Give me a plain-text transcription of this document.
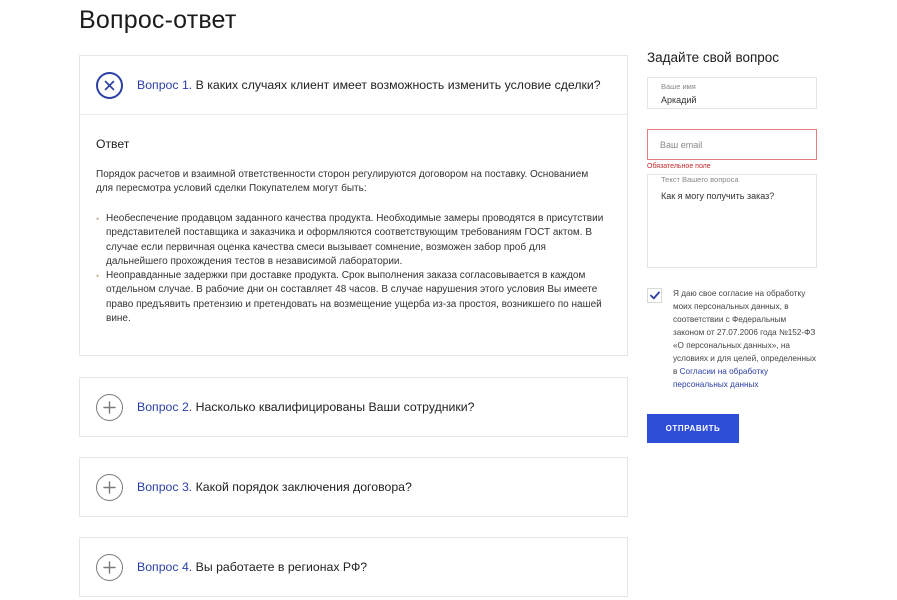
Вопрос-ответ
Вопрос 1. В каких случаях клиент имеет возможность изменить условие сделки?
Ответ

Порядок расчетов и взаимной ответственности сторон регулируются договором на поставку. Основанием для пересмотра условий сделки Покупателем могут быть:

• Необеспечение продавцом заданного качества продукта. Необходимые замеры проводятся в присутствии представителей поставщика и заказчика и оформляются соответствующим требованиям ГОСТ актом. В случае если первичная оценка качества смеси вызывает сомнение, возможен забор проб для дальнейшего прохождения тестов в независимой лаборатории.
• Неоправданные задержки при доставке продукта. Срок выполнения заказа согласовывается в каждом отдельном случае. В рабочие дни он составляет 48 часов. В случае нарушения этого условия Вы имеете право предъявить претензию и претендовать на возмещение ущерба из-за простоя, возникшего по нашей вине.
Вопрос 2. Насколько квалифицированы Ваши сотрудники?
Вопрос 3. Какой порядок заключения договора?
Вопрос 4. Вы работаете в регионах РФ?
Задайте свой вопрос
Ваше имя
Аркадий
Ваш email
Обязательное поле
Текст Вашего вопроса
Как я могу получить заказ?
Я даю свое согласие на обработку моих персональных данных, в соответствии с Федеральным законом от 27.07.2006 года №152-ФЗ «О персональных данных», на условиях и для целей, определенных в Согласии на обработку персональных данных
ОТПРАВИТЬ
